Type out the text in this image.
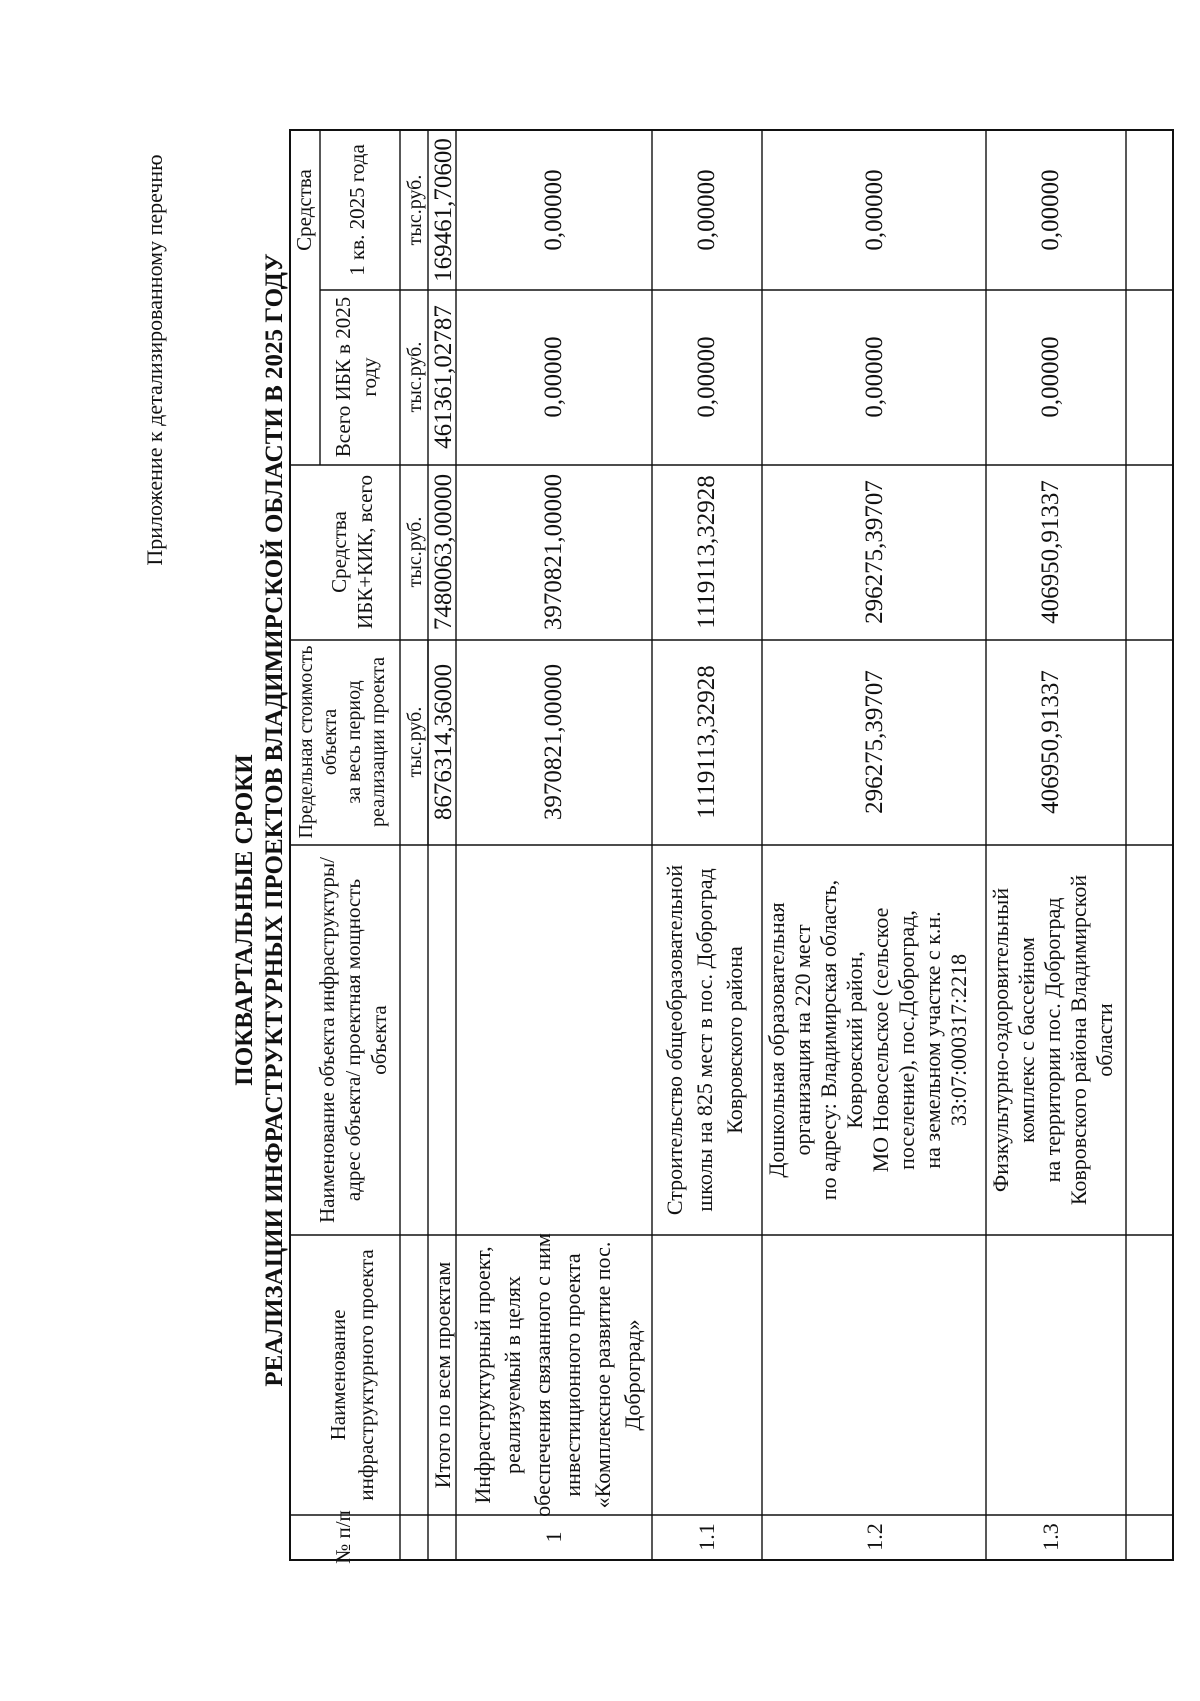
Приложение к детализированному перечню
ПОКВАРТАЛЬНЫЕ СРОКИ РЕАЛИЗАЦИИ ИНФРАСТРУКТУРНЫХ ПРОЕКТОВ ВЛАДИМИРСКОЙ ОБЛАСТИ В 2025 ГОДУ
№ п/п
Наименование инфраструктурного проекта
Наименование объекта инфраструктуры/ адрес объекта/ проектная мощность объекта
Предельная стоимость объекта за весь период реализации проекта
Средства ИБК+КИК, всего
Всего ИБК в 2025 году
Средства 1 кв. 2025 года
тыс.руб.
тыс.руб.
тыс.руб.
тыс.руб.
Итого по всем проектам
8676314,36000
7480063,00000
461361,02787
169461,70600
1
Инфраструктурный проект, реализуемый в целях обеспечения связанного с ним инвестиционного проекта «Комплексное развитие пос. Доброград»
3970821,00000
3970821,00000
0,00000
0,00000
1.1
Строительство общеобразовательной школы на 825 мест в пос. Доброград Ковровского района
1119113,32928
1119113,32928
0,00000
0,00000
1.2
Дошкольная образовательная организация на 220 мест по адресу: Владимирская область, Ковровский район, МО Новосельское (сельское поселение), пос.Доброград, на земельном участке с к.н. 33:07:000317:2218
296275,39707
296275,39707
0,00000
0,00000
1.3
Физкультурно-оздоровительный комплекс с бассейном на территории пос. Доброград Ковровского района Владимирской области
406950,91337
406950,91337
0,00000
0,00000
